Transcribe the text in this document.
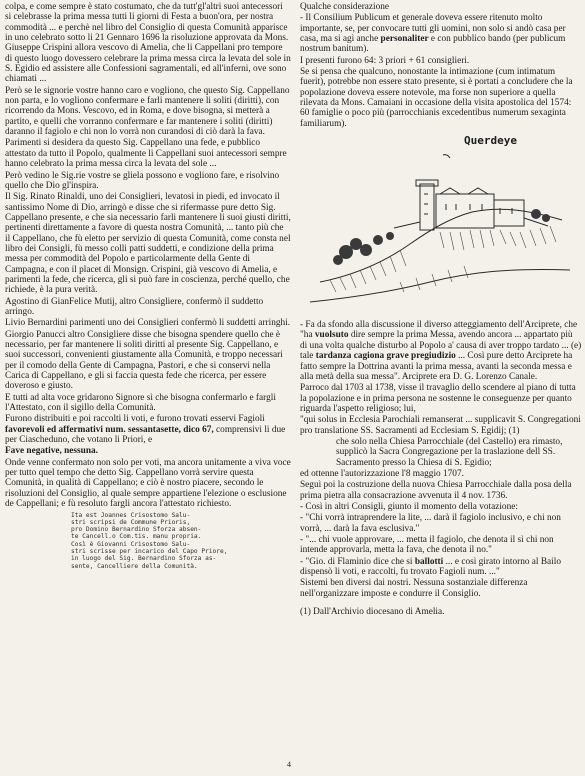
colpa, e come sempre è stato costumato, che da tutt'gl'altri suoi antecessori si celebrasse la prima messa tutti li giorni di Festa a buon'ora, per nostra commodità ... e perchè nel libro del Consiglio di questa Comunità apparisce in uno celebrato sotto li 21 Gennaro 1696 la risoluzione approvata da Mons. Giuseppe Crispini allora vescovo di Amelia, che li Cappellani pro tempore di questo luogo dovessero celebrare la prima messa circa la levata del sole in S. Egidio ed assistere alle Confessioni sagramentali, ed all'inferni, ove sono chiamati ...

Però se le signorie vostre hanno caro e vogliono, che questo Sig. Cappellano non parta, e lo vogliono confermare e farli mantenere li soliti (diritti), con ricorrendo da Mons. Vescovo, ed in Roma, e dove bisogna, si metterà a partito, e quelli che vorranno confermare e far mantenere i soliti (diritti) daranno il fagiolo e chi non lo vorrà non curandosi di ciò darà la fava.

Parimenti si desidera da questo Sig. Cappellano una fede, e pubblico attestato da tutto il Popolo, qualmente li Cappellani suoi antecessori sempre hanno celebrato la prima messa circa la levata del sole ...

Però vedino le Sig.rie vostre se gliela possono e vogliono fare, e risolvino quello che Dio gl'inspira.

Il Sig. Rinato Rinaldi, uno dei Consiglieri, levatosi in piedi, ed invocato il santissimo Nome di Dio, arringò e disse che si rifermasse pure detto Sig. Cappellano presente, e che sia necessario farli mantenere li suoi giusti diritti, pertinenti direttamente a favore di questa nostra Comunità, ... tanto più che il Cappellano, che fù eletto per servizio di questa Comunità, come consta nel libro dei Consigli, fù messo colli patti suddetti, e condizione della prima messa per commodità del Popolo e particolarmente della Gente di Campagna, e con il placet di Monsign. Crispini, già vescovo di Amelia, e parimenti la fede, che ricerca, gli si può fare in coscienza, perché quello, che richiede, è la pura verità.

Agostino di GianFelice Mutij, altro Consigliere, confermò il suddetto arringo.

Livio Bernardini parimenti uno dei Consiglieri confermò li suddetti arringhi.

Giorgio Panucci altro Consigliere disse che bisogna spendere quello che è necessario, per far mantenere li soliti diritti al presente Sig. Cappellano, e suoi successori, convenienti giustamente alla Comunità, e troppo necessari per il comodo della Gente di Campagna, Pastori, e che si conservi nella Carica di Cappellano, e gli si faccia questa fede che ricerca, per essere doveroso e giusto.

E tutti ad alta voce gridarono Signore sì che bisogna confermarlo e fargli l'Attestato, con il sigillo della Comunità.

Furono distribuiti e poi raccolti li voti, e furono trovati esservi Fagioli favorevoli ed affermativi num. sessantasette, dico 67, comprensivi li due per Ciascheduno, che votano li Priori, e

Fave negative, nessuna.

Onde venne confermato non solo per voti, ma ancora unitamente a viva voce per tutto quel tempo che detto Sig. Cappellano vorrà servire questa Comunità, in qualità di Cappellano; e ciò è nostro piacere, secondo le risoluzioni del Consiglio, al quale sempre appartiene l'elezione o esclusione de Cappellani; e fù resoluto fargli ancora l'attestato richiesto.

Ita est Joannes Crisostomo Salu-
stri scripsi de Commune Prioris,
pro Domino Bernardino Sforza absen-
te Cancell.o Com.tis. manu propria.
Così è Giovanni Crisostomo Salu-
stri scrisse per incarico del Capo Priore,
in luogo del Sig. Bernardino Sforza as-
sente, Cancelliere della Comunità.

Qualche considerazione

- Il Consilium Publicum et generale doveva essere ritenuto molto importante, se, per convocare tutti gli uomini, non solo si andò casa per casa, ma si agì anche personaliter e con pubblico bando (per publicum nostrum banitum).

I presenti furono 64: 3 priori + 61 consiglieri.

Se si pensa che qualcuno, nonostante la intimazione (cum intimatum fuerit), potrebbe non essere stato presente, si è portati a concludere che la popolazione doveva essere notevole, ma forse non superiore a quella rilevata da Mons. Camaiani in occasione della visita apostolica del 1574: 60 famiglie o poco più (parrocchianis excedentibus numerum sexaginta familiarum).

Querdeye

- Fa da sfondo alla discussione il diverso atteggiamento dell'Arciprete, che "ha vuolsuto dire sempre la prima Messa, avendo ancora ... appartato più di una volta qualche disturbo al Popolo a' causa di aver troppo tardato ... (e) tale tardanza cagiona grave pregiudizio ... Così pure detto Arciprete ha fatto sempre la Dottrina avanti la prima messa, avanti la seconda messa e alla metà della sua messa". Arciprete era D. G. Lorenzo Canale.

Parroco dal 1703 al 1738, visse il travaglio dello scendere al piano di tutta la popolazione e in prima persona ne sostenne le conseguenze per quanto riguarda l'aspetto religioso; lui,

"qui solus in Ecclesia Parochiali remanserat ... supplicavit S. Congregationi pro translatione SS. Sacramenti ad Ecclesiam S. Egidij; (1)

che solo nella Chiesa Parrocchiale (del Castello) era rimasto, supplicò la Sacra Congregazione per la traslazione dell SS. Sacramento presso la Chiesa di S. Egidio;

ed ottenne l'autorizzazione l'8 maggio 1707.

Seguì poi la costruzione della nuova Chiesa Parrocchiale dalla posa della prima pietra alla consacrazione avvenuta il 4 nov. 1736.

- Così in altri Consigli, giunto il momento della votazione:

- "Chi vorrà intraprendere la lite, ... darà il fagiolo inclusivo, e chi non vorrà, ... darà la fava esclusiva."

- "... chi vuole approvare, ... metta il fagiolo, che denota il sì chi non intende approvarla, metta la fava, che denota il no."

- "Gio. di Flaminio dice che si ballotti ... e così girato intorno al Bailo dispensò li voti, e raccolti, fu trovato Fagioli num. ..."

Sistemi ben diversi dai nostri. Nessuna sostanziale differenza nell'organizzare imposte e condurre il Consiglio.

(1) Dall'Archivio diocesano di Amelia.

4
